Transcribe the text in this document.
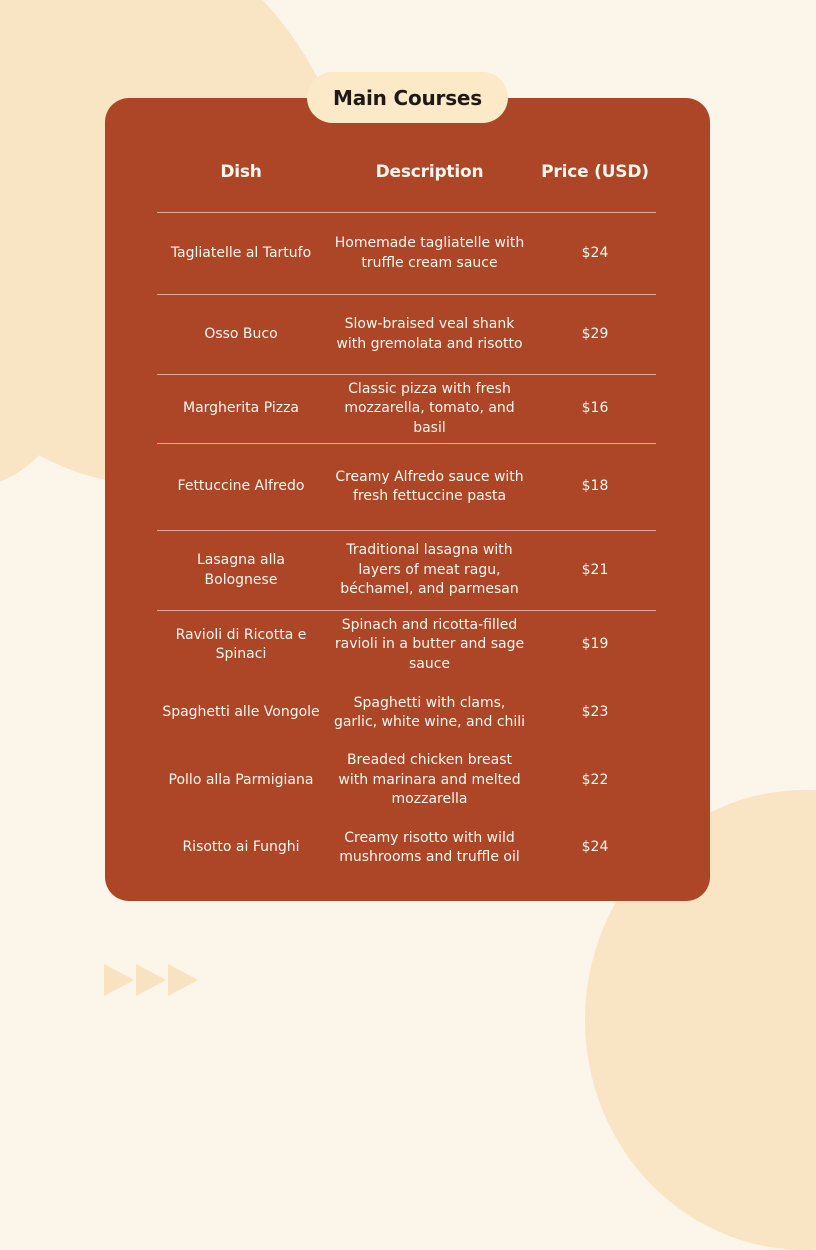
Main Courses
Dish	Description	Price (USD)
Tagliatelle al Tartufo
Homemade tagliatelle with truffle cream sauce
$24
Osso Buco
Slow-braised veal shank with gremolata and risotto
$29
Margherita Pizza
Classic pizza with fresh mozzarella, tomato, and basil
$16
Fettuccine Alfredo
Creamy Alfredo sauce with fresh fettuccine pasta
$18
Lasagna alla Bolognese
Traditional lasagna with layers of meat ragu, béchamel, and parmesan
$21
Ravioli di Ricotta e Spinaci
Spinach and ricotta-filled ravioli in a butter and sage sauce
$19
Spaghetti alle Vongole
Spaghetti with clams, garlic, white wine, and chili
$23
Pollo alla Parmigiana
Breaded chicken breast with marinara and melted mozzarella
$22
Risotto ai Funghi
Creamy risotto with wild mushrooms and truffle oil
$24
